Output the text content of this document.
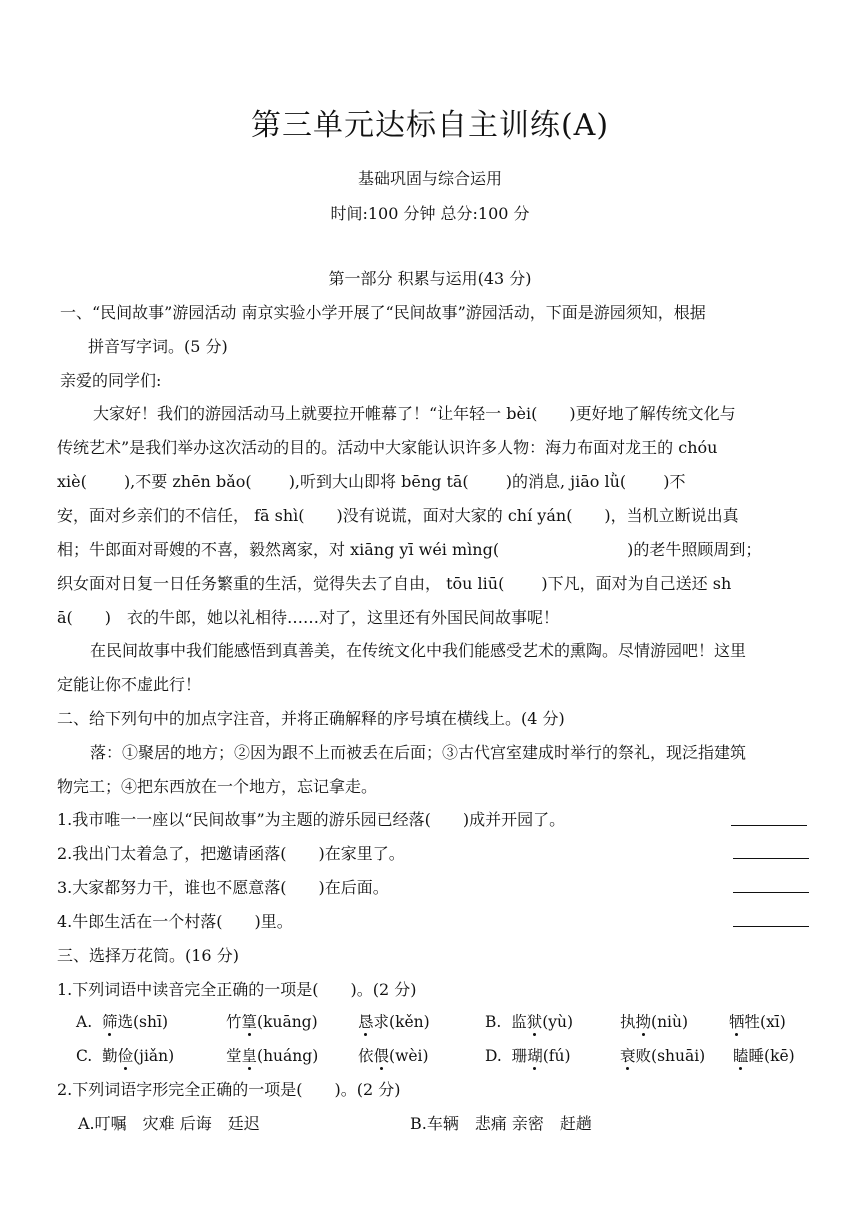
第三单元达标自主训练(A)
基础巩固与综合运用
时间:100 分钟 总分:100 分
第一部分 积累与运用(43 分)
一、“民间故事”游园活动 南京实验小学开展了“民间故事”游园活动，下面是游园须知，根据
拼音写字词。(5 分)
亲爱的同学们:
大家好！我们的游园活动马上就要拉开帷幕了！“让年轻一 bèi(　　)更好地了解传统文化与
传统艺术”是我们举办这次活动的目的。活动中大家能认识许多人物：海力布面对龙王的 chóu
xiè(　　 ),不要 zhēn bǎo(　　 ),听到大山即将 bēng tā(　　 )的消息, jiāo lǜ(　　 )不
安，面对乡亲们的不信任， fā shì(　　)没有说谎，面对大家的 chí yán(　　)，当机立断说出真
相；牛郎面对哥嫂的不喜，毅然离家，对 xiāng yī wéi mìng(　　　　　　　　)的老牛照顾周到；
织女面对日复一日任务繁重的生活，觉得失去了自由， tōu liū(　　 )下凡，面对为自己送还 sh
ā(　　)　衣的牛郎，她以礼相待……对了，这里还有外国民间故事呢！
在民间故事中我们能感悟到真善美，在传统文化中我们能感受艺术的熏陶。尽情游园吧！这里
定能让你不虚此行！
二、给下列句中的加点字注音，并将正确解释的序号填在横线上。(4 分)
落：①聚居的地方；②因为跟不上而被丢在后面；③古代宫室建成时举行的祭礼，现泛指建筑
物完工；④把东西放在一个地方，忘记拿走。
1.我市唯一一座以“民间故事”为主题的游乐园已经落(　　)成并开园了。
2.我出门太着急了，把邀请函落(　　)在家里了。
3.大家都努力干，谁也不愿意落(　　)在后面。
4.牛郎生活在一个村落(　　)里。
三、选择万花筒。(16 分)
1.下列词语中读音完全正确的一项是(　　)。(2 分)
A. 筛选(shī)	竹篁(kuāng)	恳求(kěn)	B. 监狱(yù)	执拗(niù)	牺牲(xī)
C. 勤俭(jiǎn)	堂皇(huáng)	依偎(wèi)	D. 珊瑚(fú)	衰败(shuāi) 瞌睡(kē)
2.下列词语字形完全正确的一项是(　　)。(2 分)
A.叮嘱　灾难 后诲　廷迟	B.车辆　悲痛 亲密　赶趟
